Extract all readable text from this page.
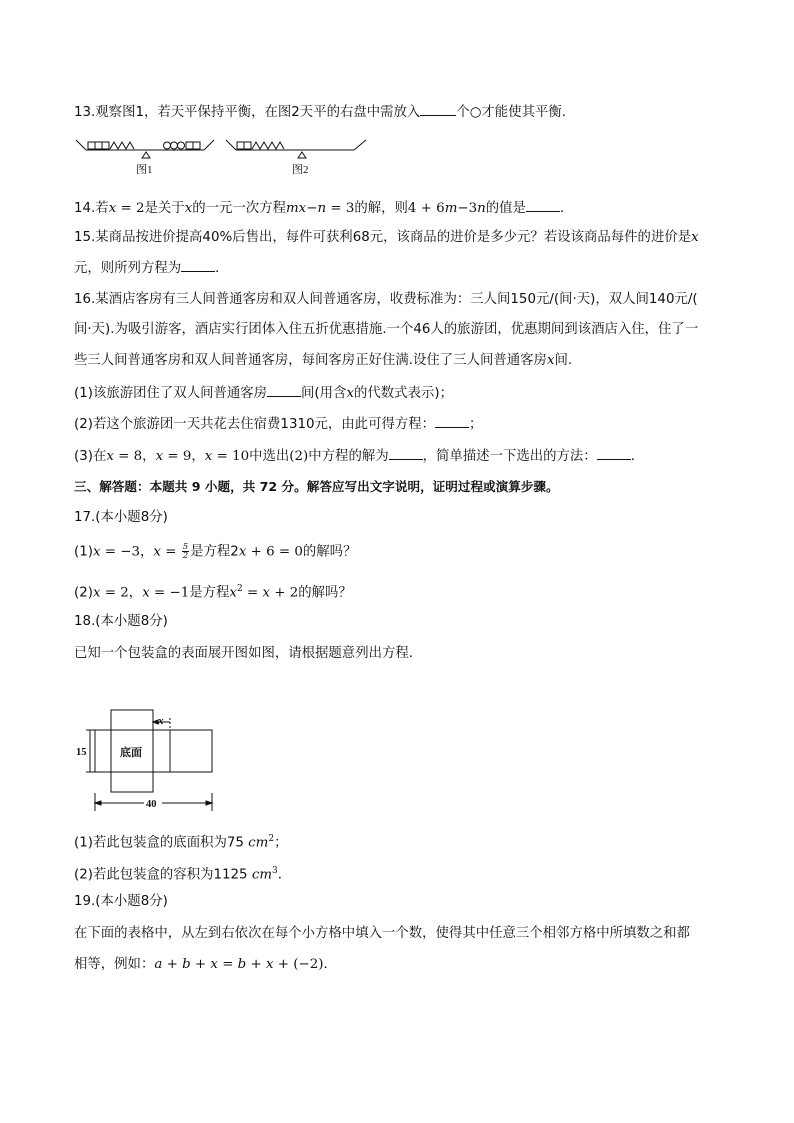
13.观察图1，若天平保持平衡，在图2天平的右盘中需放入	个○才能使其平衡．
图1	图2
14.若x = 2是关于x的一元一次方程mx−n = 3的解，则4 + 6m−3n的值是	．
15.某商品按进价提高40%后售出，每件可获利68元，该商品的进价是多少元？若设该商品每件的进价是x
元，则所列方程为	．
16.某酒店客房有三人间普通客房和双人间普通客房，收费标准为：三人间150元/(间·天)，双人间140元/(
间·天).为吸引游客，酒店实行团体入住五折优惠措施.一个46人的旅游团，优惠期间到该酒店入住，住了一
些三人间普通客房和双人间普通客房，每间客房正好住满.设住了三人间普通客房x间.
(1)该旅游团住了双人间普通客房	间(用含x的代数式表示)；
(2)若这个旅游团一天共花去住宿费1310元，由此可得方程：	；
(3)在x = 8，x = 9，x = 10中选出(2)中方程的解为	，简单描述一下选出的方法：	．
三、解答题：本题共 9 小题，共 72 分。解答应写出文字说明，证明过程或演算步骤。
17.(本小题8分)
(1)x = −3，$x = \frac{5}{2}$ 是方程2x + 6 = 0的解吗？
(2)x = 2，x = −1是方程$x^2 = x + 2$的解吗？
18.(本小题8分)
已知一个包装盒的表面展开图如图，请根据题意列出方程．
x
15	底面
40
(1)若此包装盒的底面积为75 $cm^2$；
(2)若此包装盒的容积为1125 $cm^3$．
19.(本小题8分)
在下面的表格中，从左到右依次在每个小方格中填入一个数，使得其中任意三个相邻方格中所填数之和都
相等，例如：a + b + x = b + x + (−2)．
